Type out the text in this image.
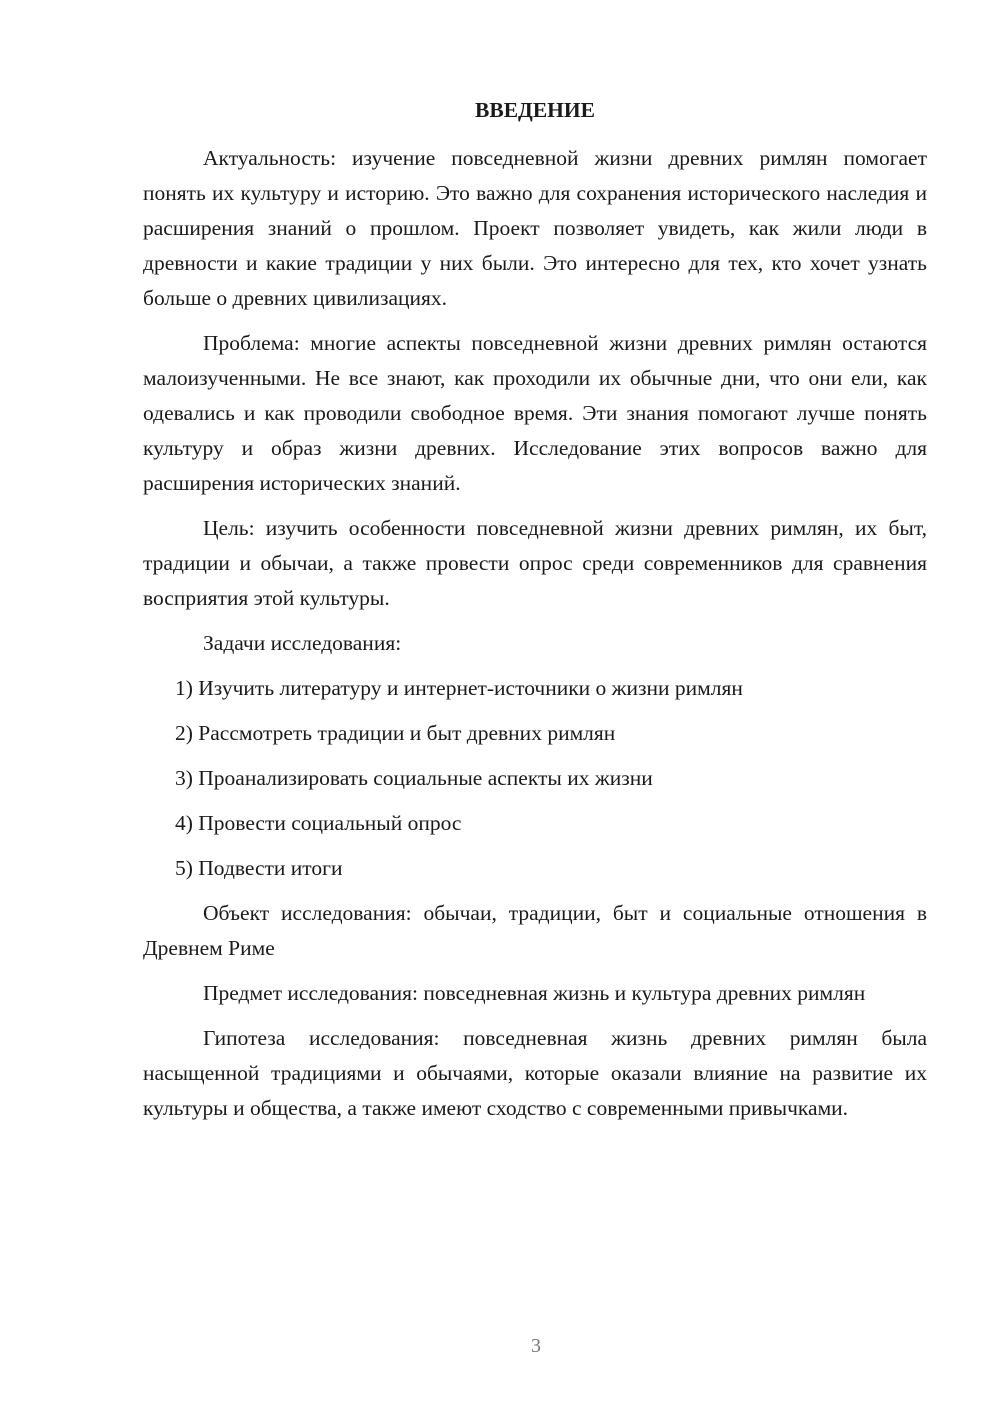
ВВЕДЕНИЕ

Актуальность: изучение повседневной жизни древних римлян помогает понять их культуру и историю. Это важно для сохранения исторического наследия и расширения знаний о прошлом. Проект позволяет увидеть, как жили люди в древности и какие традиции у них были. Это интересно для тех, кто хочет узнать больше о древних цивилизациях.

Проблема: многие аспекты повседневной жизни древних римлян остаются малоизученными. Не все знают, как проходили их обычные дни, что они ели, как одевались и как проводили свободное время. Эти знания помогают лучше понять культуру и образ жизни древних. Исследование этих вопросов важно для расширения исторических знаний.

Цель: изучить особенности повседневной жизни древних римлян, их быт, традиции и обычаи, а также провести опрос среди современников для сравнения восприятия этой культуры.

Задачи исследования:

1) Изучить литературу и интернет-источники о жизни римлян

2) Рассмотреть традиции и быт древних римлян

3) Проанализировать социальные аспекты их жизни

4) Провести социальный опрос

5) Подвести итоги

Объект исследования: обычаи, традиции, быт и социальные отношения в Древнем Риме

Предмет исследования: повседневная жизнь и культура древних римлян

Гипотеза исследования: повседневная жизнь древних римлян была насыщенной традициями и обычаями, которые оказали влияние на развитие их культуры и общества, а также имеют сходство с современными привычками.

3
